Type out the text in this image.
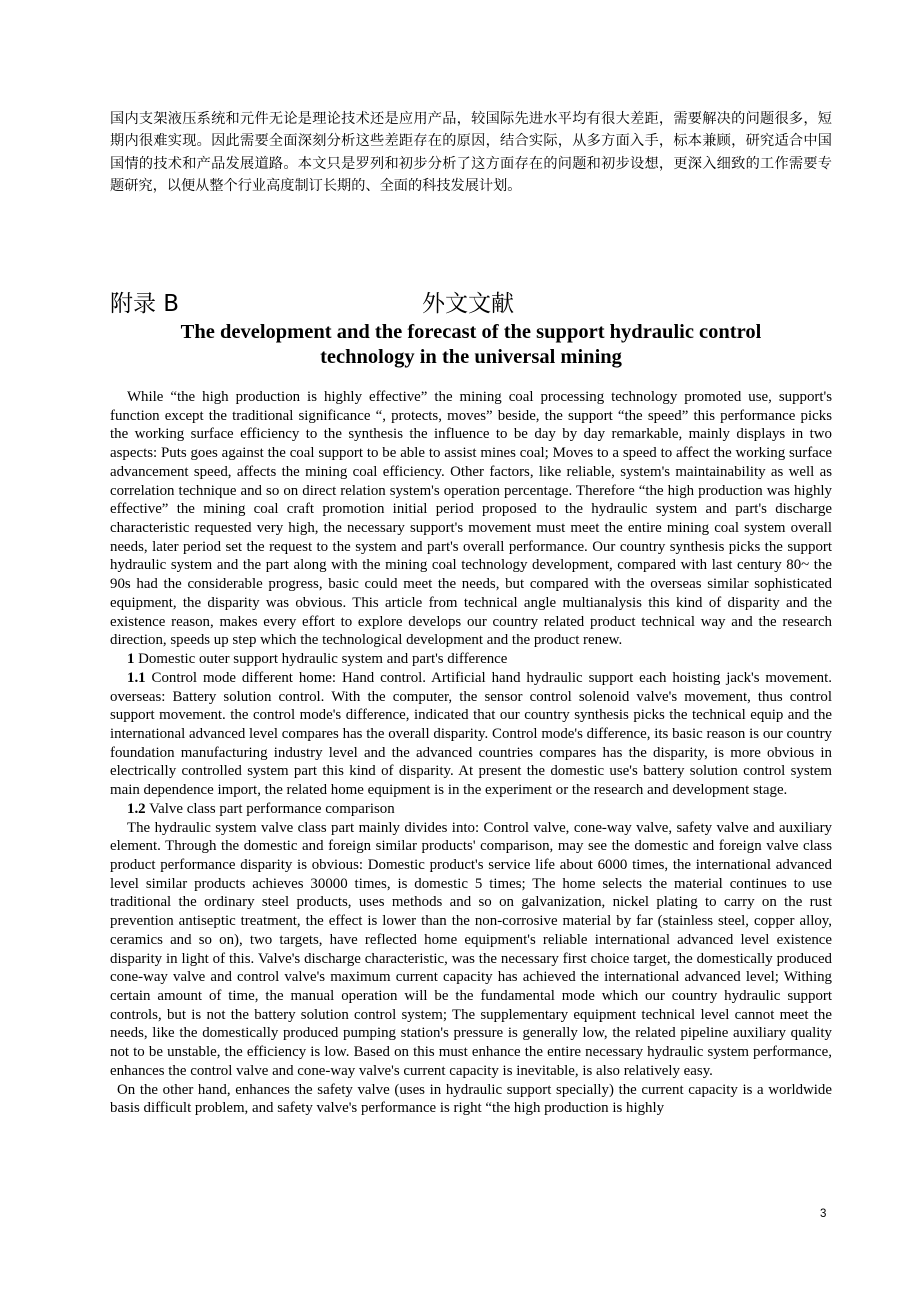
国内支架液压系统和元件无论是理论技术还是应用产品，较国际先进水平均有很大差距，需要解决的问题很多，短期内很难实现。因此需要全面深刻分析这些差距存在的原因，结合实际，从多方面入手，标本兼顾，研究适合中国国情的技术和产品发展道路。本文只是罗列和初步分析了这方面存在的问题和初步设想，更深入细致的工作需要专题研究，以便从整个行业高度制订长期的、全面的科技发展计划。

附录 B	外文文献
The development and the forecast of the support hydraulic control
technology in the universal mining

While “the high production is highly effective” the mining coal processing technology promoted use, support's function except the traditional significance “, protects, moves” beside, the support “the speed” this performance picks the working surface efficiency to the synthesis the influence to be day by day remarkable, mainly displays in two aspects: Puts goes against the coal support to be able to assist mines coal; Moves to a speed to affect the working surface advancement speed, affects the mining coal efficiency. Other factors, like reliable, system's maintainability as well as correlation technique and so on direct relation system's operation percentage. Therefore “the high production was highly effective” the mining coal craft promotion initial period proposed to the hydraulic system and part's discharge characteristic requested very high, the necessary support's movement must meet the entire mining coal system overall needs, later period set the request to the system and part's overall performance. Our country synthesis picks the support hydraulic system and the part along with the mining coal technology development, compared with last century 80~ the 90s had the considerable progress, basic could meet the needs, but compared with the overseas similar sophisticated equipment, the disparity was obvious. This article from technical angle multianalysis this kind of disparity and the existence reason, makes every effort to explore develops our country related product technical way and the research direction, speeds up step which the technological development and the product renew.

1 Domestic outer support hydraulic system and part's difference

1.1 Control mode different home: Hand control. Artificial hand hydraulic support each hoisting jack's movement. overseas: Battery solution control. With the computer, the sensor control solenoid valve's movement, thus control support movement. the control mode's difference, indicated that our country synthesis picks the technical equip and the international advanced level compares has the overall disparity. Control mode's difference, its basic reason is our country foundation manufacturing industry level and the advanced countries compares has the disparity, is more obvious in electrically controlled system part this kind of disparity. At present the domestic use's battery solution control system main dependence import, the related home equipment is in the experiment or the research and development stage.

1.2 Valve class part performance comparison

The hydraulic system valve class part mainly divides into: Control valve, cone-way valve, safety valve and auxiliary element. Through the domestic and foreign similar products' comparison, may see the domestic and foreign valve class product performance disparity is obvious: Domestic product's service life about 6000 times, the international advanced level similar products achieves 30000 times, is domestic 5 times; The home selects the material continues to use traditional the ordinary steel products, uses methods and so on galvanization, nickel plating to carry on the rust prevention antiseptic treatment, the effect is lower than the non-corrosive material by far (stainless steel, copper alloy, ceramics and so on), two targets, have reflected home equipment's reliable international advanced level existence disparity in light of this. Valve's discharge characteristic, was the necessary first choice target, the domestically produced cone-way valve and control valve's maximum current capacity has achieved the international advanced level; Withing certain amount of time, the manual operation will be the fundamental mode which our country hydraulic support controls, but is not the battery solution control system; The supplementary equipment technical level cannot meet the needs, like the domestically produced pumping station's pressure is generally low, the related pipeline auxiliary quality not to be unstable, the efficiency is low. Based on this must enhance the entire necessary hydraulic system performance, enhances the control valve and cone-way valve's current capacity is inevitable, is also relatively easy.

On the other hand, enhances the safety valve (uses in hydraulic support specially) the current capacity is a worldwide basis difficult problem, and safety valve's performance is right “the high production is highly

3
